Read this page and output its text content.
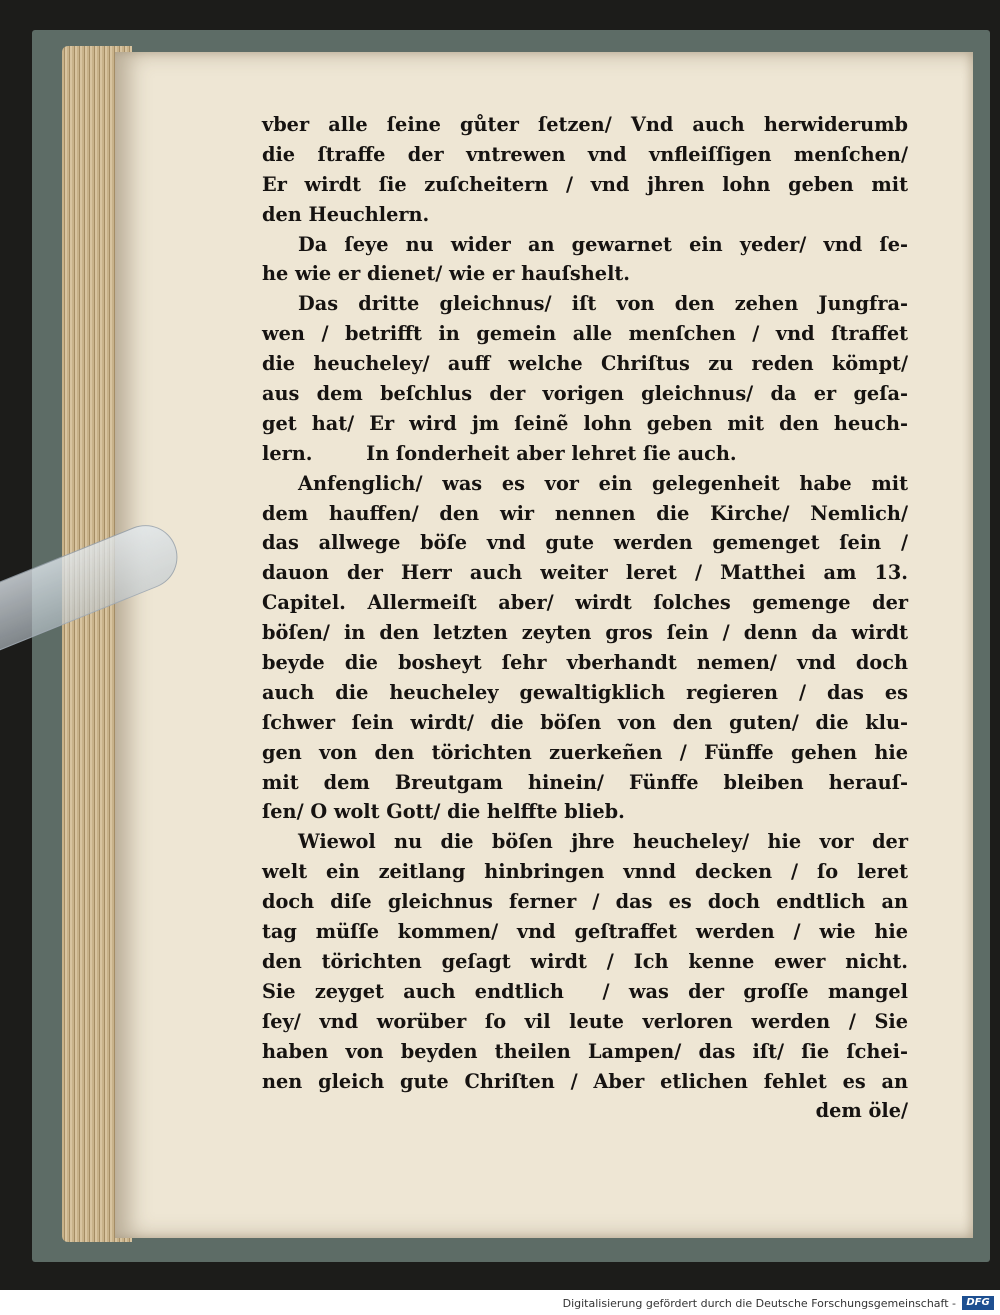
vber alle ſeine gůter ſetzen/ Vnd auch herwiderumb
die ſtraffe der vntrewen vnd vnfleiſſigen menſchen/
Er wirdt ſie zuſcheitern / vnd jhren lohn geben mit
den Heuchlern.
Da ſeye nu wider an gewarnet ein yeder/ vnd ſe-
he wie er dienet/ wie er hauſshelt.
Das dritte gleichnus/ iſt von den zehen Jungfra-
wen / betrifft in gemein alle menſchen / vnd ſtraffet
die heucheley/ auff welche Chriſtus zu reden kömpt/
aus dem beſchlus der vorigen gleichnus/ da er geſa-
get hat/ Er wird jm ſeinẽ lohn geben mit den heuch-
lern.        In ſonderheit aber lehret ſie auch.
Anfenglich/ was es vor ein gelegenheit habe mit
dem hauffen/ den wir nennen die Kirche/ Nemlich/
das allwege böſe vnd gute werden gemenget ſein /
dauon der Herr auch weiter leret / Matthei am 13.
Capitel. Allermeiſt aber/ wirdt ſolches gemenge der
böſen/ in den letzten zeyten gros ſein / denn da wirdt
beyde die bosheyt ſehr vberhandt nemen/ vnd doch
auch die heucheley gewaltigklich regieren / das es
ſchwer ſein wirdt/ die böſen von den guten/ die klu-
gen von den törichten zuerkeñen / Fünffe gehen hie
mit dem Breutgam hinein/ Fünffe bleiben herauſ-
ſen/ O wolt Gott/ die helffte blieb.
Wiewol nu die böſen jhre heucheley/ hie vor der
welt ein zeitlang hinbringen vnnd decken / ſo leret
doch diſe gleichnus ferner / das es doch endtlich an
tag müſſe kommen/ vnd geſtraffet werden / wie hie
den törichten geſagt wirdt / Ich kenne ewer nicht.
Sie zeyget auch endtlich  / was der groſſe mangel
ſey/ vnd worüber ſo vil leute verloren werden / Sie
haben von beyden theilen Lampen/ das iſt/ ſie ſchei-
nen gleich gute Chriſten / Aber etlichen fehlet es an
dem öle/
Digitalisierung gefördert durch die Deutsche Forschungsgemeinschaft -	DFG
